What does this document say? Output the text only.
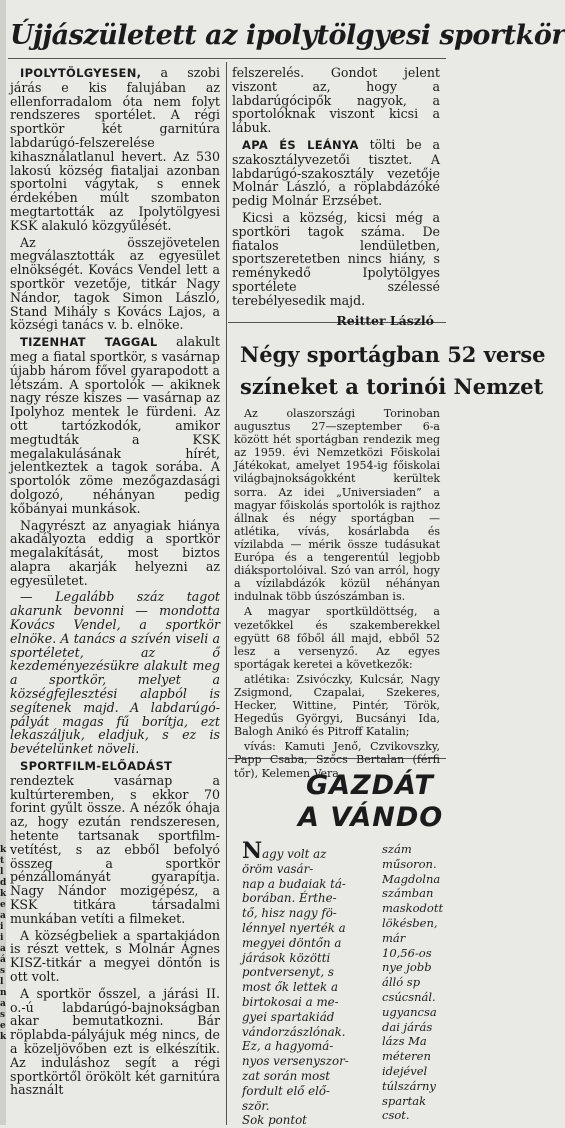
k
t
l
d
k
e
a
i
i
a
á
s
l
n
a
s
e
k
Újjászületett az ipolytölgyesi sportkör

IPOLYTÖLGYESEN, a szobi járás e kis falujában az ellenforradalom óta nem folyt rendszeres sportélet. A régi sportkör két garnitúra labdarúgó-felszerelése kihasználatlanul hevert. Az 530 lakosú község fiataljai azonban sportolni vágytak, s ennek érdekében múlt szombaton megtartották az Ipolytölgyesi KSK alakuló közgyűlését.

Az összejövetelen megválasztották az egyesület elnökségét. Kovács Vendel lett a sportkör vezetője, titkár Nagy Nándor, tagok Simon László, Stand Mihály s Kovács Lajos, a községi tanács v. b. elnöke.

TIZENHAT TAGGAL alakult meg a fiatal sportkör, s vasárnap újabb három fővel gyarapodott a létszám. A sportolók — akiknek nagy része kiszes — vasárnap az Ipolyhoz mentek le fürdeni. Az ott tartózkodók, amikor megtudták a KSK megalakulásának hírét, jelentkeztek a tagok sorába. A sportolók zöme mezőgazdasági dolgozó, néhányan pedig kőbányai munkások.

Nagyrészt az anyagiak hiánya akadályozta eddig a sportkör megalakítását, most biztos alapra akarják helyezni az egyesületet.

— Legalább száz tagot akarunk bevonni — mondotta Kovács Vendel, a sportkör elnöke. A tanács a szívén viseli a sportéletet, az ő kezdeményezésükre alakult meg a sportkör, melyet a községfejlesztési alapból is segítenek majd. A labdarúgó-pályát magas fű borítja, ezt lekaszáljuk, eladjuk, s ez is bevételünket növeli.

SPORTFILM-ELŐADÁST rendeztek vasárnap a kultúrteremben, s ekkor 70 forint gyűlt össze. A nézők óhaja az, hogy ezután rendszeresen, hetente tartsanak sportfilm-vetítést, s az ebből befolyó összeg a sportkör pénzállományát gyarapítja. Nagy Nándor mozigépész, a KSK titkára társadalmi munkában vetíti a filmeket.

A községbeliek a spartakiádon is részt vettek, s Molnár Ágnes KISZ-titkár a megyei döntőn is ott volt.

A sportkör ősszel, a járási II. o.-ú labdarúgó-bajnokságban akar bemutatkozni. Bár röplabda-pályájuk még nincs, de a közeljövőben ezt is elkészítik. Az induláshoz segít a régi sportkörtől örökölt két garnitúra használt

felszerelés. Gondot jelent viszont az, hogy a labdarúgócipők nagyok, a sportolóknak viszont kicsi a lábuk.

APA ÉS LEÁNYA tölti be a szakosztályvezetői tisztet. A labdarúgó-szakosztály vezetője Molnár László, a röplabdázóké pedig Molnár Erzsébet.

Kicsi a község, kicsi még a sportköri tagok száma. De fiatalos lendületben, sportszeretetben nincs hiány, s reménykedő Ipolytölgyes sportélete szélessé terebélyesedik majd.

Reitter László
Négy sportágban 52 verse
színeket a torinói Nemzet

Az olaszországi Torinoban augusztus 27—szeptember 6-a között hét sportágban rendezik meg az 1959. évi Nemzetközi Főiskolai Játékokat, amelyet 1954-ig főiskolai világbajnokságokként kerültek sorra. Az idei „Universiaden” a magyar főiskolás sportolók is rajthoz állnak és négy sportágban — atlétika, vívás, kosárlabda és vízilabda — mérik össze tudásukat Európa és a tengerentúl legjobb diáksportolóival. Szó van arról, hogy a vízilabdázók közül néhányan indulnak több úszószámban is.

A magyar sportküldöttség, a vezetőkkel és szakemberekkel együtt 68 főből áll majd, ebből 52 lesz a versenyző. Az egyes sportágak keretei a következők:

atlétika: Zsivóczky, Kulcsár, Nagy Zsigmond, Czapalai, Szekeres, Hecker, Wittine, Pintér, Török, Hegedűs Györgyi, Bucsányi Ida, Balogh Anikó és Pitroff Katalin;

vívás: Kamuti Jenő, Czvikovszky, Papp Csaba, Szőcs Bertalan (férfi tőr), Kelemen Vera,

GAZDÁT
A VÁNDO
Nagy volt az
öröm vasár-
nap a budaiak tá-
borában. Érthe-
tő, hisz nagy fö-
lénnyel nyerték a
megyei döntőn a
járások közötti
pontversenyt, s
most ők lettek a
birtokosai a me-
gyei spartakiád
vándorzászlónak.
Ez, a hagyomá-
nyos versenyszor-
zat során most
fordult elő elő-
ször.
Sok pontot
szám
műsoron.
Magdolna
számban
maskodott
lökésben,
már
10,56-os
nye jobb
álló sp
csúcsnál.
ugyancsa
dai járás
lázs Ma
méteren
idejével
túlszárny
spartak
csot.
